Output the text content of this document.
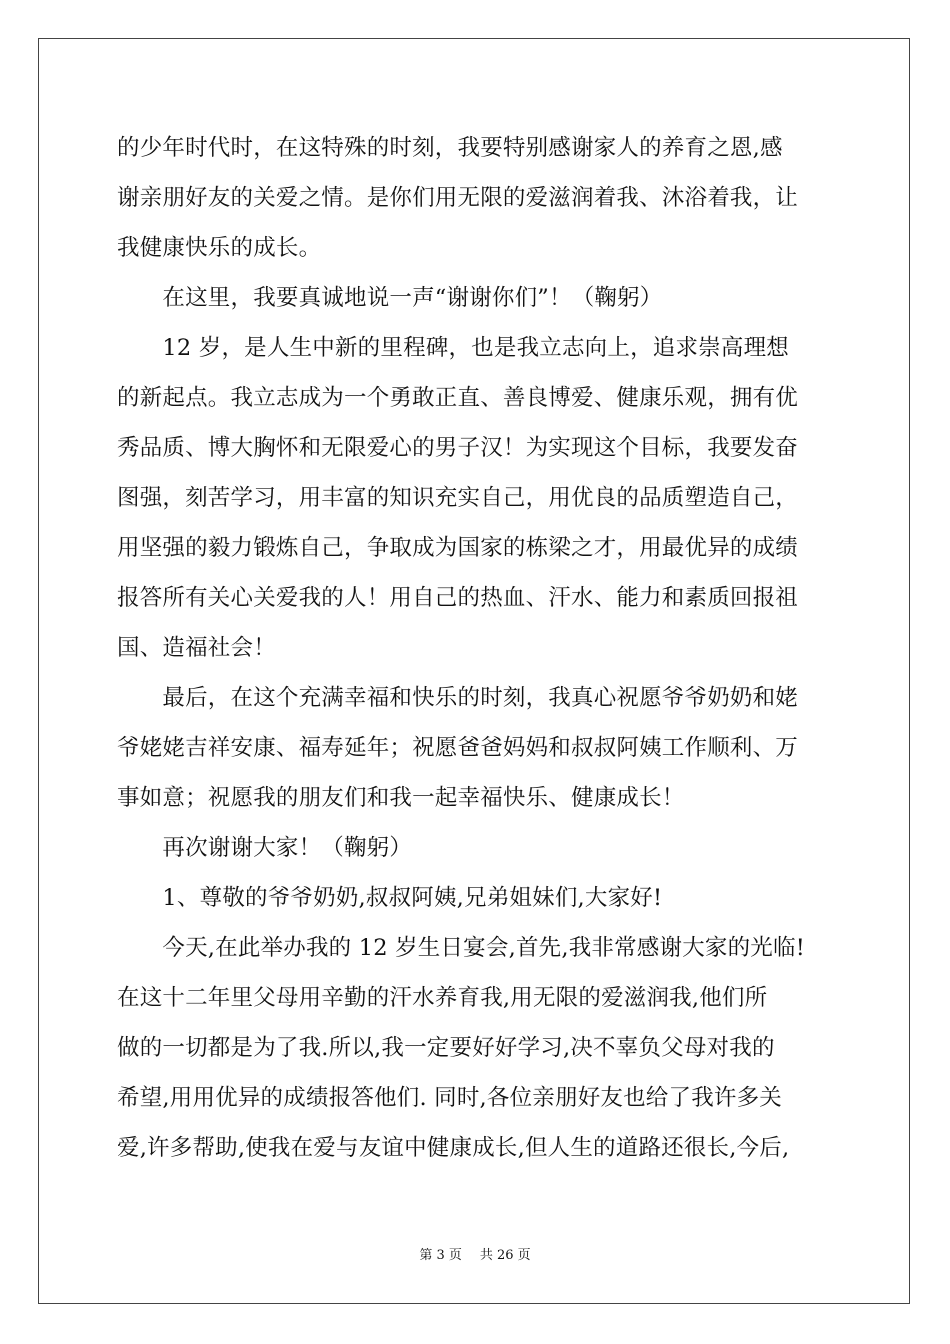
的少年时代时，在这特殊的时刻，我要特别感谢家人的养育之恩,感
谢亲朋好友的关爱之情。是你们用无限的爱滋润着我、沐浴着我，让
我健康快乐的成长。
　　在这里，我要真诚地说一声“谢谢你们”！（鞠躬）
　　12 岁，是人生中新的里程碑，也是我立志向上，追求崇高理想
的新起点。我立志成为一个勇敢正直、善良博爱、健康乐观，拥有优
秀品质、博大胸怀和无限爱心的男子汉！为实现这个目标，我要发奋
图强，刻苦学习，用丰富的知识充实自己，用优良的品质塑造自己，
用坚强的毅力锻炼自己，争取成为国家的栋梁之才，用最优异的成绩
报答所有关心关爱我的人！用自己的热血、汗水、能力和素质回报祖
国、造福社会！
　　最后，在这个充满幸福和快乐的时刻，我真心祝愿爷爷奶奶和姥
爷姥姥吉祥安康、福寿延年；祝愿爸爸妈妈和叔叔阿姨工作顺利、万
事如意；祝愿我的朋友们和我一起幸福快乐、健康成长！
　　再次谢谢大家！（鞠躬）
　　1、尊敬的爷爷奶奶,叔叔阿姨,兄弟姐妹们,大家好!
　　今天,在此举办我的 12 岁生日宴会,首先,我非常感谢大家的光临!
在这十二年里父母用辛勤的汗水养育我,用无限的爱滋润我,他们所
做的一切都是为了我.所以,我一定要好好学习,决不辜负父母对我的
希望,用用优异的成绩报答他们. 同时,各位亲朋好友也给了我许多关
爱,许多帮助,使我在爱与友谊中健康成长,但人生的道路还很长,今后,
第 3 页 共 26 页
